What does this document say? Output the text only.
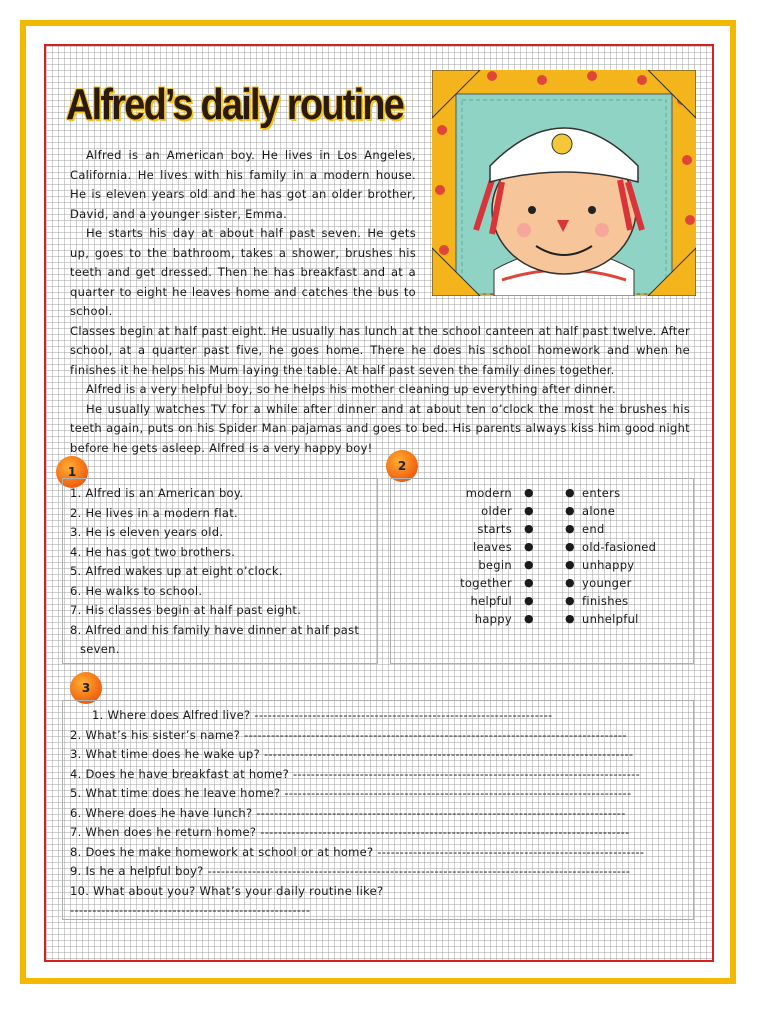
Alfred’s daily routine

Alfred is an American boy. He lives in Los Angeles, California. He lives with his family in a modern house. He is eleven years old and he has got an older brother, David, and a younger sister, Emma.

He starts his day at about half past seven. He gets up, goes to the bathroom, takes a shower, brushes his teeth and get dressed. Then he has breakfast and at a quarter to eight he leaves home and catches the bus to school.

Classes begin at half past eight. He usually has lunch at the school canteen at half past twelve. After school, at a quarter past five, he goes home. There he does his school homework and when he finishes it he helps his Mum laying the table. At half past seven the family dines together.

Alfred is a very helpful boy, so he helps his mother cleaning up everything after dinner.

He usually watches TV for a while after dinner and at about ten o’clock the most he brushes his teeth again, puts on his Spider Man pajamas and goes to bed. His parents always kiss him good night before he gets asleep. Alfred is a very happy boy!

1	2
3
1. Alfred is an American boy.
2. He lives in a modern flat.
3. He is eleven years old.
4. He has got two brothers.
5. Alfred wakes up at eight o’clock.
6. He walks to school.
7. His classes begin at half past eight.
8. Alfred and his family have dinner at half past
seven.
modern
older
starts
leaves
begin
together
helpful
happy
●
●
●
●
●
●
●
●
●
●
●
●
●
●
●
●
enters
alone
end
old-fasioned
unhappy
younger
finishes
unhelpful
1. Where does Alfred live? -------------------------------------------------------------------
2. What’s his sister’s name? --------------------------------------------------------------------------------------
3. What time does he wake up? -----------------------------------------------------------------------------------
4. Does he have breakfast at home? ------------------------------------------------------------------------------
5. What time does he leave home? ------------------------------------------------------------------------------
6. Where does he have lunch? -----------------------------------------------------------------------------------
7. When does he return home? -----------------------------------------------------------------------------------
8. Does he make homework at school or at home? ------------------------------------------------------------
9. Is he a helpful boy? -----------------------------------------------------------------------------------------------
10. What about you? What’s your daily routine like?
------------------------------------------------------
